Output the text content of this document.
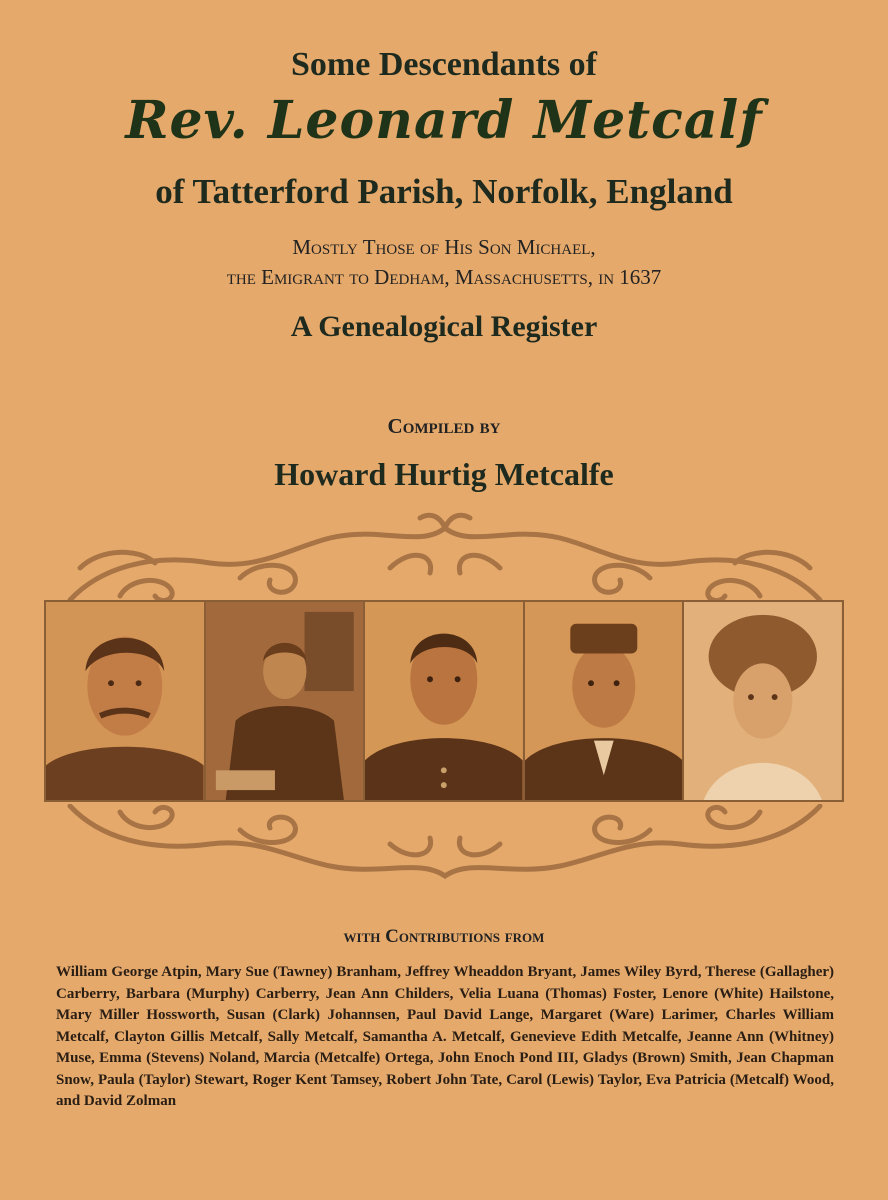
Some Descendants of
Rev. Leonard Metcalf
of Tatterford Parish, Norfolk, England
Mostly Those of His Son Michael,
the Emigrant to Dedham, Massachusetts, in 1637
A Genealogical Register
Compiled by
Howard Hurtig Metcalfe
with Contributions from
William George Atpin, Mary Sue (Tawney) Branham, Jeffrey Wheaddon Bryant, James Wiley Byrd, Therese (Gallagher) Carberry, Barbara (Murphy) Carberry, Jean Ann Childers, Velia Luana (Thomas) Foster, Lenore (White) Hailstone, Mary Miller Hossworth, Susan (Clark) Johannsen, Paul David Lange, Margaret (Ware) Larimer, Charles William Metcalf, Clayton Gillis Metcalf, Sally Metcalf, Samantha A. Metcalf, Genevieve Edith Metcalfe, Jeanne Ann (Whitney) Muse, Emma (Stevens) Noland, Marcia (Metcalfe) Ortega, John Enoch Pond III, Gladys (Brown) Smith, Jean Chapman Snow, Paula (Taylor) Stewart, Roger Kent Tamsey, Robert John Tate, Carol (Lewis) Taylor, Eva Patricia (Metcalf) Wood, and David Zolman
